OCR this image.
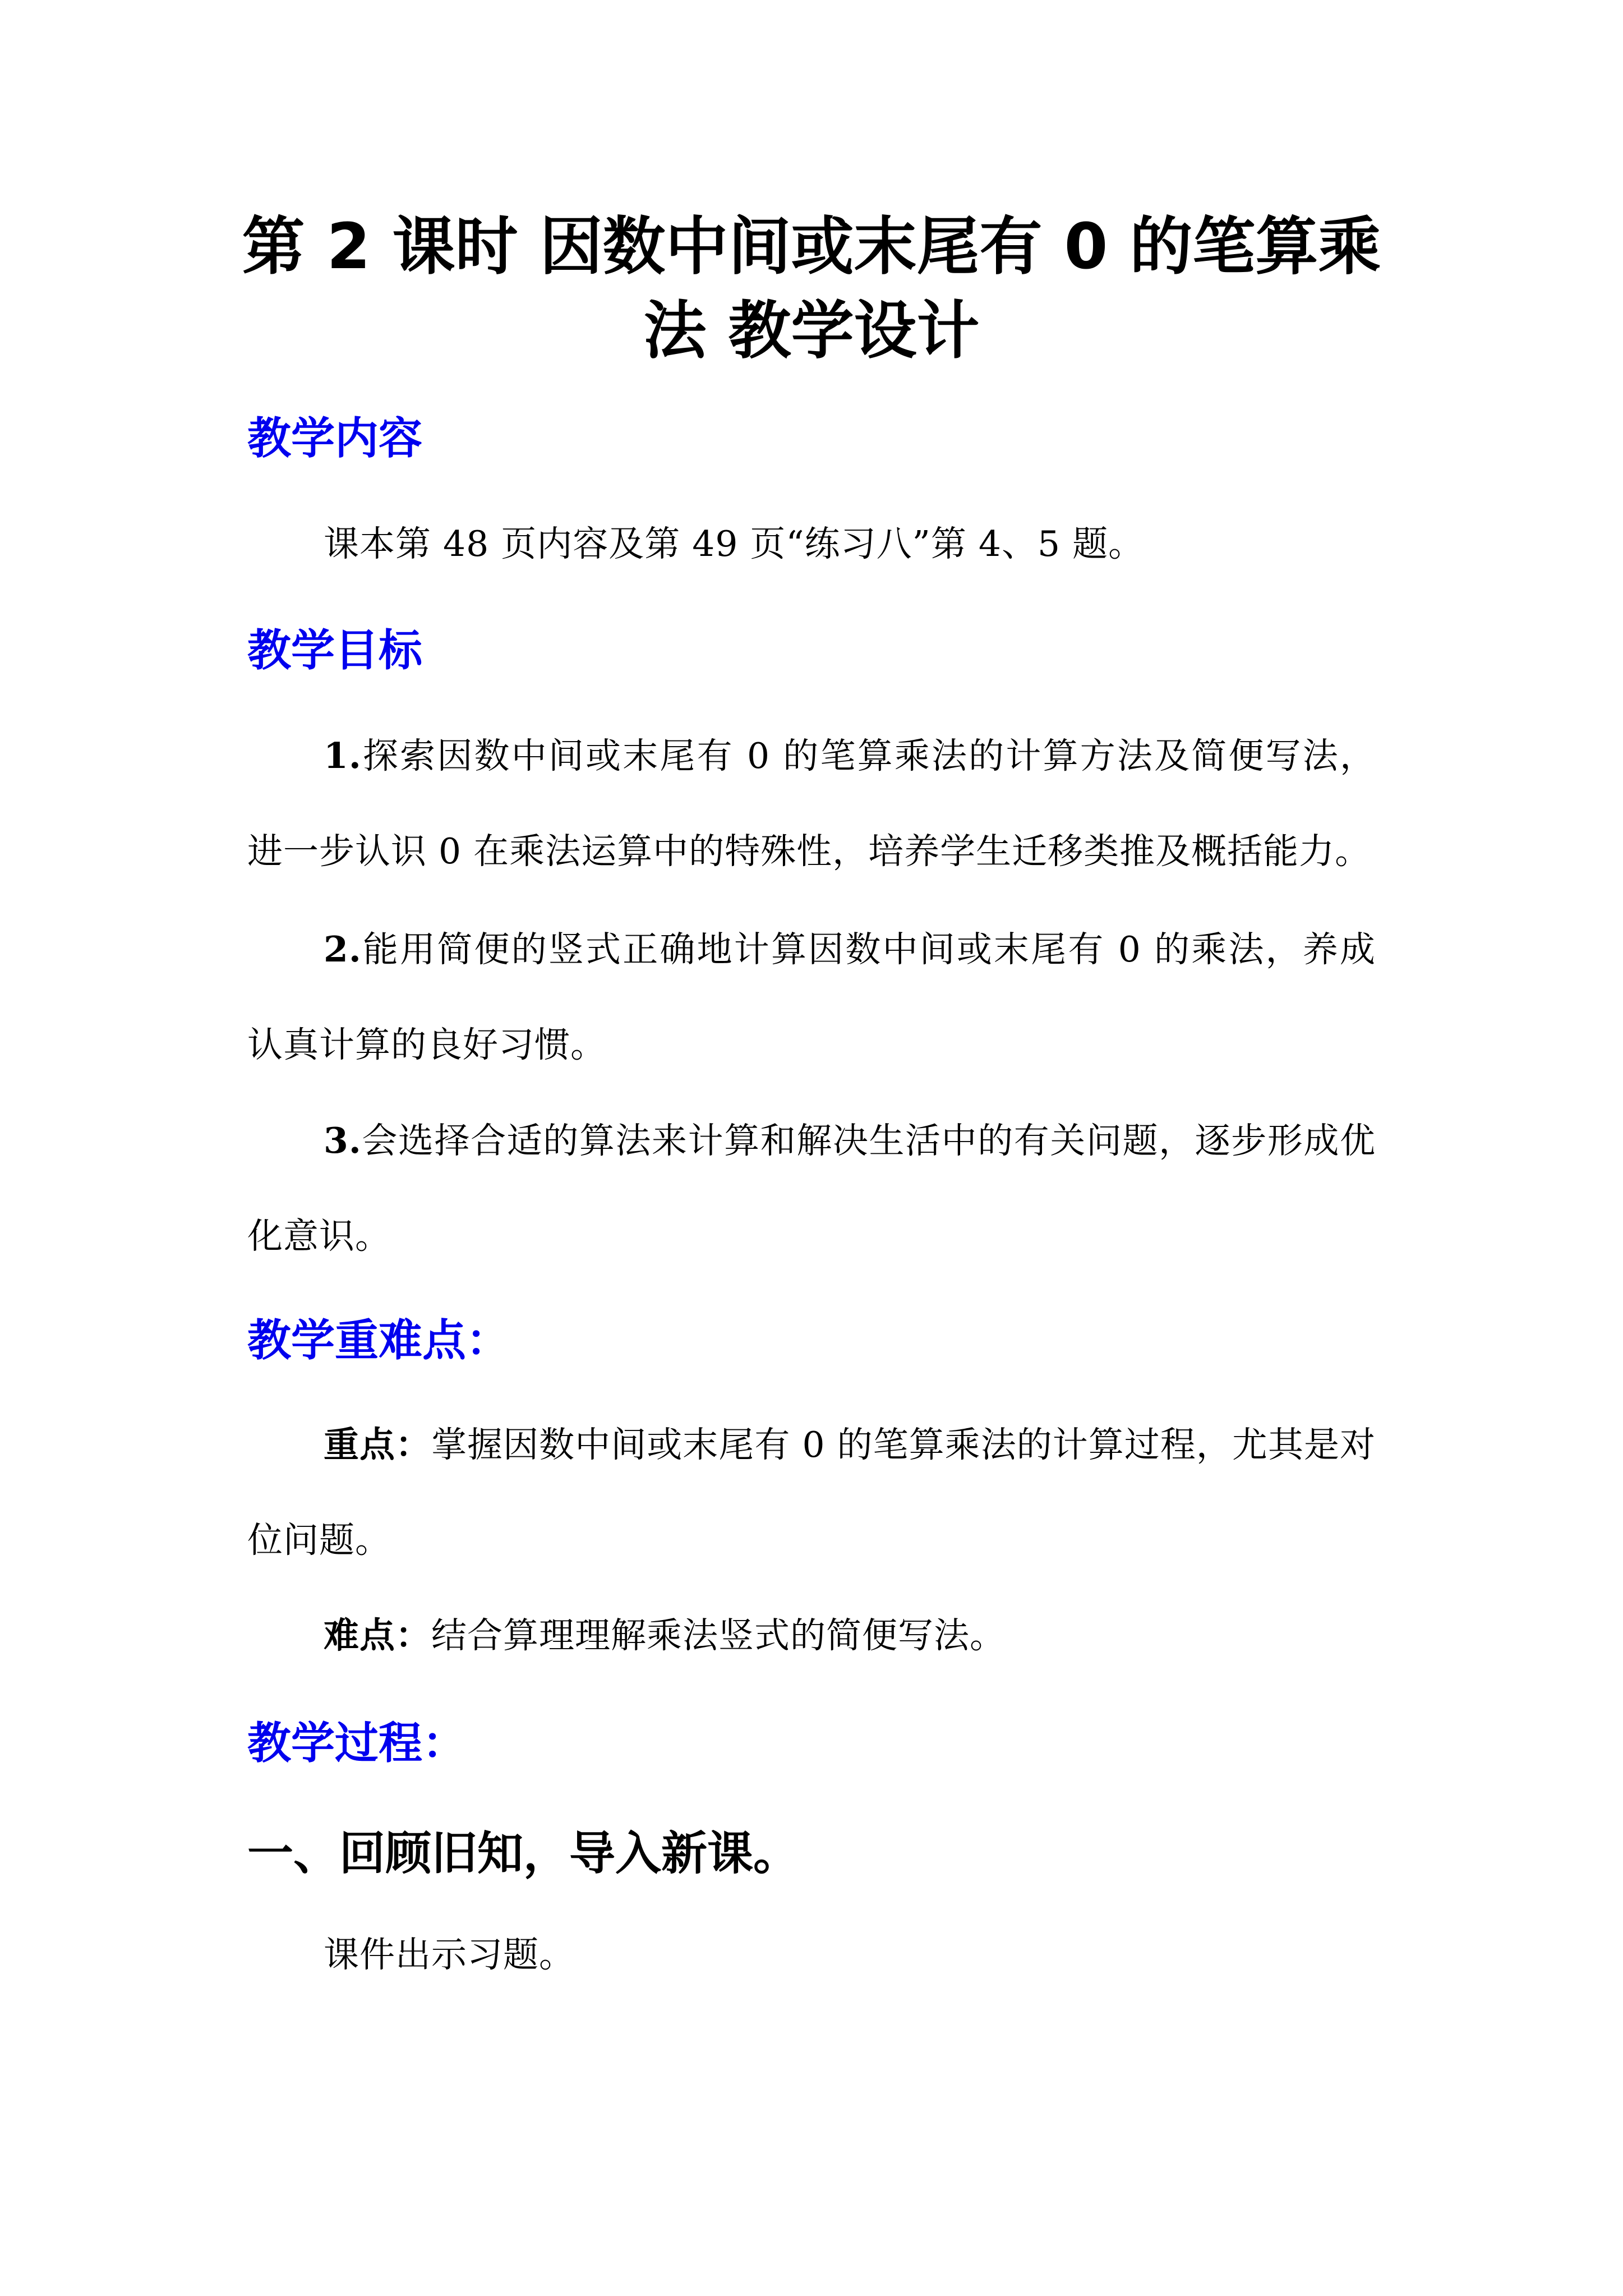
第 2 课时 因数中间或末尾有 0 的笔算乘
法 教学设计
教学内容

课本第 48 页内容及第 49 页“练习八”第 4、5 题。

教学目标

1.探索因数中间或末尾有 0 的笔算乘法的计算方法及简便写法，进一步认识 0 在乘法运算中的特殊性，培养学生迁移类推及概括能力。

2.能用简便的竖式正确地计算因数中间或末尾有 0 的乘法，养成认真计算的良好习惯。

3.会选择合适的算法来计算和解决生活中的有关问题，逐步形成优化意识。

教学重难点：

重点：掌握因数中间或末尾有 0 的笔算乘法的计算过程，尤其是对位问题。

难点：结合算理理解乘法竖式的简便写法。

教学过程：
一、回顾旧知，导入新课。

课件出示习题。
